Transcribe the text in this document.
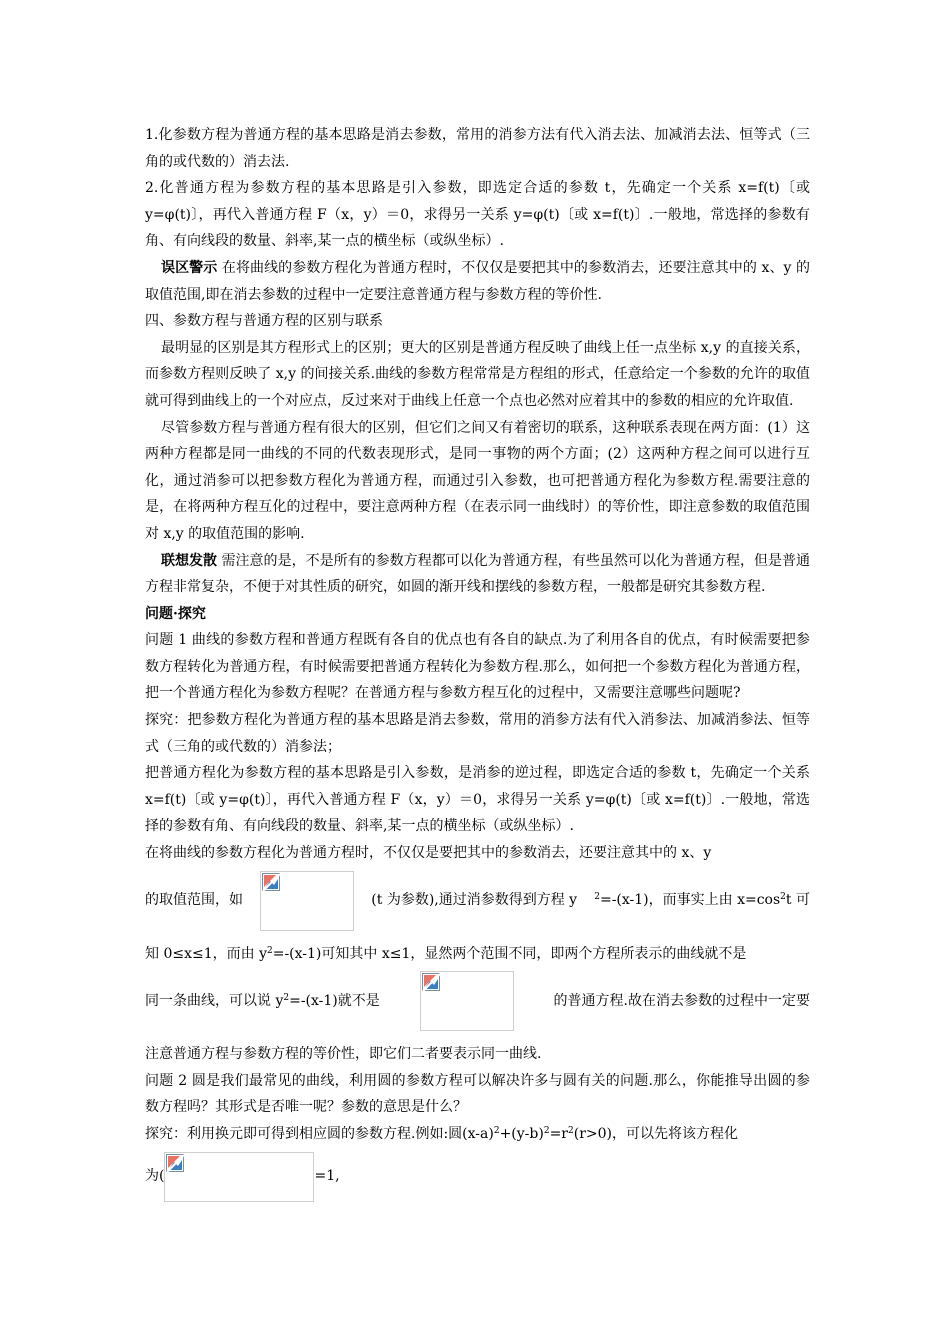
1.化参数方程为普通方程的基本思路是消去参数，常用的消参方法有代入消去法、加减消去法、恒等式（三角的或代数的）消去法.

2.化普通方程为参数方程的基本思路是引入参数，即选定合适的参数 t，先确定一个关系 x=f(t)〔或 y=φ(t)〕，再代入普通方程 F（x，y）＝0，求得另一关系 y=φ(t)〔或 x=f(t)〕.一般地，常选择的参数有角、有向线段的数量、斜率,某一点的横坐标（或纵坐标）.

误区警示 在将曲线的参数方程化为普通方程时，不仅仅是要把其中的参数消去，还要注意其中的 x、y 的取值范围,即在消去参数的过程中一定要注意普通方程与参数方程的等价性.

四、参数方程与普通方程的区别与联系

最明显的区别是其方程形式上的区别；更大的区别是普通方程反映了曲线上任一点坐标 x,y 的直接关系，而参数方程则反映了 x,y 的间接关系.曲线的参数方程常常是方程组的形式，任意给定一个参数的允许的取值就可得到曲线上的一个对应点，反过来对于曲线上任意一个点也必然对应着其中的参数的相应的允许取值.

尽管参数方程与普通方程有很大的区别，但它们之间又有着密切的联系，这种联系表现在两方面：(1）这两种方程都是同一曲线的不同的代数表现形式，是同一事物的两个方面；(2）这两种方程之间可以进行互化，通过消参可以把参数方程化为普通方程，而通过引入参数，也可把普通方程化为参数方程.需要注意的是，在将两种方程互化的过程中，要注意两种方程（在表示同一曲线时）的等价性，即注意参数的取值范围对 x,y 的取值范围的影响.

联想发散 需注意的是，不是所有的参数方程都可以化为普通方程，有些虽然可以化为普通方程，但是普通方程非常复杂，不便于对其性质的研究，如圆的渐开线和摆线的参数方程，一般都是研究其参数方程.

问题·探究

问题 1 曲线的参数方程和普通方程既有各自的优点也有各自的缺点.为了利用各自的优点，有时候需要把参数方程转化为普通方程，有时候需要把普通方程转化为参数方程.那么，如何把一个参数方程化为普通方程，把一个普通方程化为参数方程呢？在普通方程与参数方程互化的过程中，又需要注意哪些问题呢?

探究：把参数方程化为普通方程的基本思路是消去参数，常用的消参方法有代入消参法、加减消参法、恒等式（三角的或代数的）消参法；

把普通方程化为参数方程的基本思路是引入参数，是消参的逆过程，即选定合适的参数 t，先确定一个关系 x=f(t)〔或 y=φ(t)〕，再代入普通方程 F（x，y）＝0，求得另一关系 y=φ(t)〔或 x=f(t)〕.一般地，常选择的参数有角、有向线段的数量、斜率,某一点的横坐标（或纵坐标）.

在将曲线的参数方程化为普通方程时，不仅仅是要把其中的参数消去，还要注意其中的 x、y

的取值范围，如	(t 为参数),通过消参数得到方程 y $^2$=-(x-1)，而事实上由 $x=\cos^2t$ 可
知 0≤x≤1，而由 $y^2=-(x-1)$可知其中 x≤1，显然两个范围不同，即两个方程所表示的曲线就不是
同一条曲线，可以说 $y^2=-(x-1)$就不是	的普通方程.故在消去参数的过程中一定要

注意普通方程与参数方程的等价性，即它们二者要表示同一曲线.

问题 2 圆是我们最常见的曲线，利用圆的参数方程可以解决许多与圆有关的问题.那么，你能推导出圆的参数方程吗？其形式是否唯一呢？参数的意思是什么？

探究：利用换元即可得到相应圆的参数方程.例如:圆$(x-a)^2+(y-b)^2=r^2(r>0)$，可以先将该方程化

为(	=1,
